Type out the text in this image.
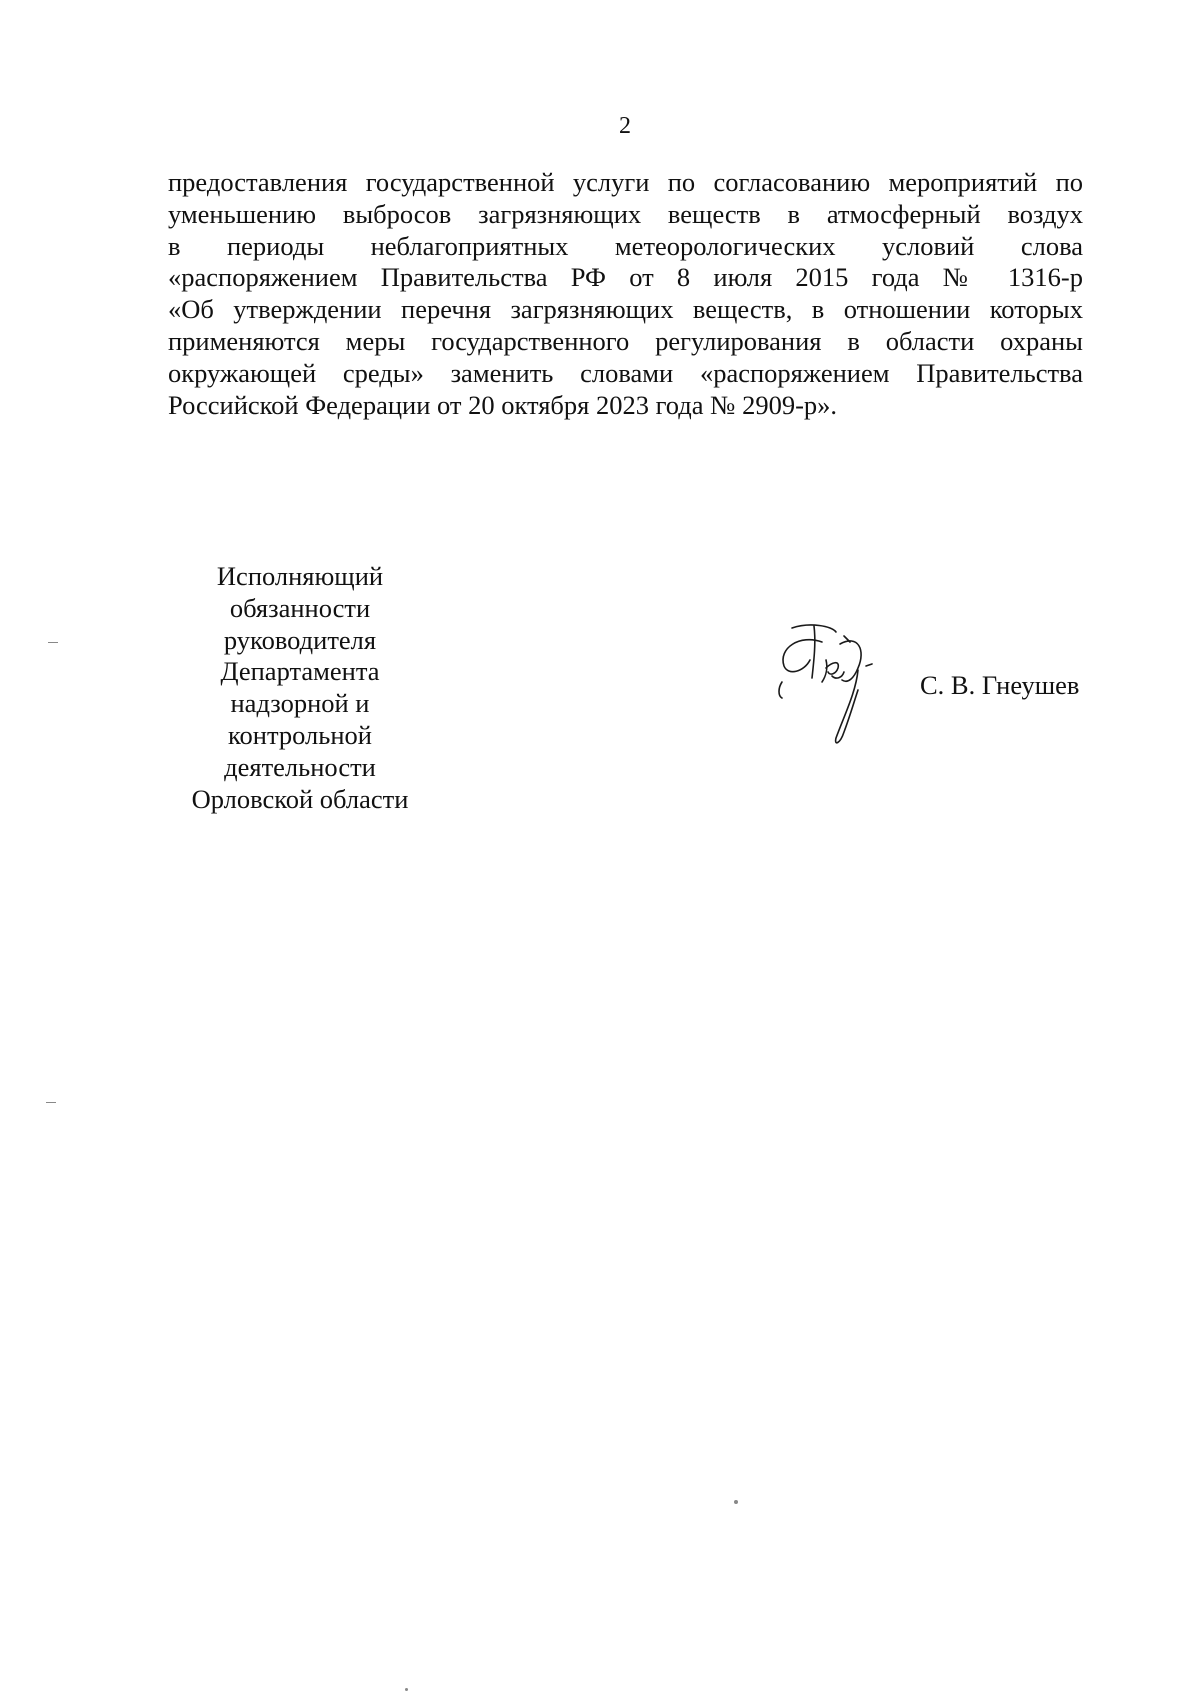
2
предоставления государственной услуги по согласованию мероприятий по
уменьшению выбросов загрязняющих веществ в атмосферный воздух
в периоды неблагоприятных метеорологических условий слова
«распоряжением Правительства РФ от 8 июля 2015 года № 1316-р
«Об утверждении перечня загрязняющих веществ, в отношении которых
применяются меры государственного регулирования в области охраны
окружающей среды» заменить словами «распоряжением Правительства
Российской Федерации от 20 октября 2023 года № 2909-р».
Исполняющий
обязанности
руководителя
Департамента
надзорной и
контрольной
деятельности
Орловской области
С. В. Гнеушев
